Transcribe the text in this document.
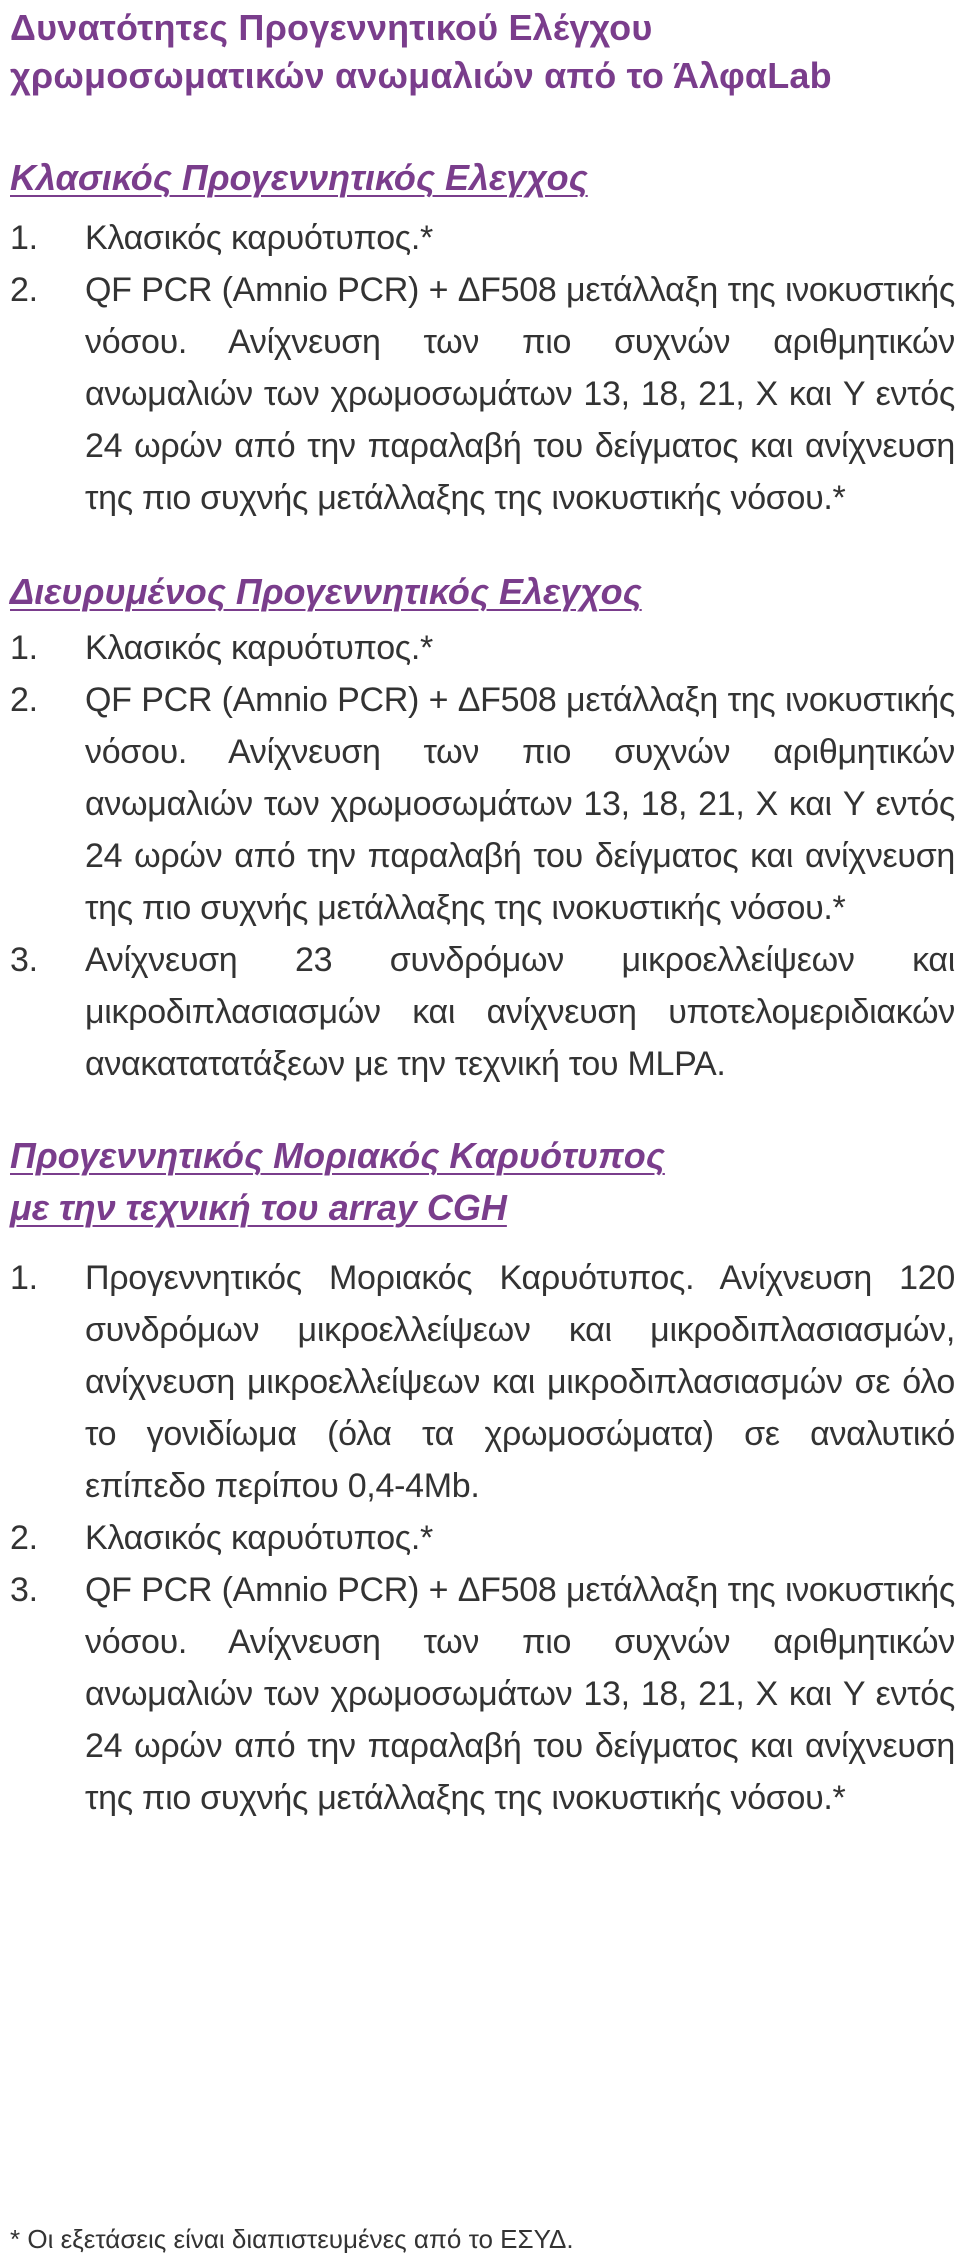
Δυνατότητες Προγεννητικού Ελέγχου
χρωμοσωματικών ανωμαλιών από το ΆλφαLab
Κλασικός Προγεννητικός Ελεγχος
1.	Κλασικός καρυότυπος.*
2.	QF PCR (Amnio PCR) + ΔF508 μετάλλαξη της ινοκυστικής νόσου. Ανίχνευση των πιο συχνών αριθμητικών ανωμαλιών των χρωμοσωμάτων 13, 18, 21, X και Y εντός 24 ωρών από την παραλαβή του δείγματος και ανίχνευση της πιο συχνής μετάλλαξης της ινοκυστικής νόσου.*
Διευρυμένος Προγεννητικός Ελεγχος
1.	Κλασικός καρυότυπος.*
2.	QF PCR (Amnio PCR) + ΔF508 μετάλλαξη της ινοκυστικής νόσου. Ανίχνευση των πιο συχνών αριθμητικών ανωμαλιών των χρωμοσωμάτων 13, 18, 21, X και Y εντός 24 ωρών από την παραλαβή του δείγματος και ανίχνευση της πιο συχνής μετάλλαξης της ινοκυστικής νόσου.*
3.	Ανίχνευση 23 συνδρόμων μικροελλείψεων και μικροδιπλασιασμών και ανίχνευση υποτελομεριδιακών ανακατατατάξεων με την τεχνική του MLPA.
Προγεννητικός Μοριακός Καρυότυπος
με την τεχνική του array CGH
1.	Προγεννητικός Μοριακός Καρυότυπος. Ανίχνευση 120 συνδρόμων μικροελλείψεων και μικροδιπλασιασμών, ανίχνευση μικροελλείψεων και μικροδιπλασιασμών σε όλο το γονιδίωμα (όλα τα χρωμοσώματα) σε αναλυτικό επίπεδο περίπου 0,4-4Mb.
2.	Κλασικός καρυότυπος.*
3.	QF PCR (Amnio PCR) + ΔF508 μετάλλαξη της ινοκυστικής νόσου. Ανίχνευση των πιο συχνών αριθμητικών ανωμαλιών των χρωμοσωμάτων 13, 18, 21, X και Y εντός 24 ωρών από την παραλαβή του δείγματος και ανίχνευση της πιο συχνής μετάλλαξης της ινοκυστικής νόσου.*

* Οι εξετάσεις είναι διαπιστευμένες από το ΕΣΥΔ.
